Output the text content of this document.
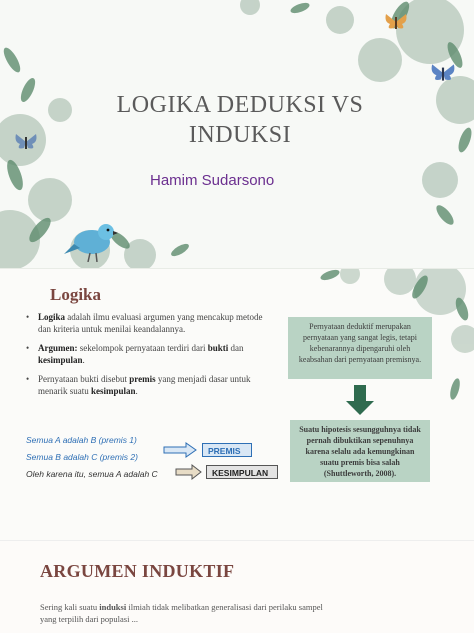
LOGIKA DEDUKSI VS INDUKSI
Hamim Sudarsono
Logika
• Logika adalah ilmu evaluasi argumen yang mencakup metode dan kriteria untuk menilai keandalannya.
• Argumen: sekelompok pernyataan terdiri dari bukti dan kesimpulan.
• Pernyataan bukti disebut premis yang menjadi dasar untuk menarik suatu kesimpulan.
Semua A adalah B (premis 1)
Semua B adalah C (premis 2)
Oleh karena itu, semua A adalah C
PREMIS
KESIMPULAN
Pernyataan deduktif merupakan pernyataan yang sangat legis, tetapi kebenarannya dipengaruhi oleh keabsahan dari pernyataan premisnya.
Suatu hipotesis sesungguhnya tidak pernah dibuktikan sepenuhnya karena selalu ada kemungkinan suatu premis bisa salah (Shuttleworth, 2008).
ARGUMEN INDUKTIF
Sering kali suatu induksi ilmiah tidak melibatkan generalisasi dari perilaku sampel yang terpilih dari populasi ...
